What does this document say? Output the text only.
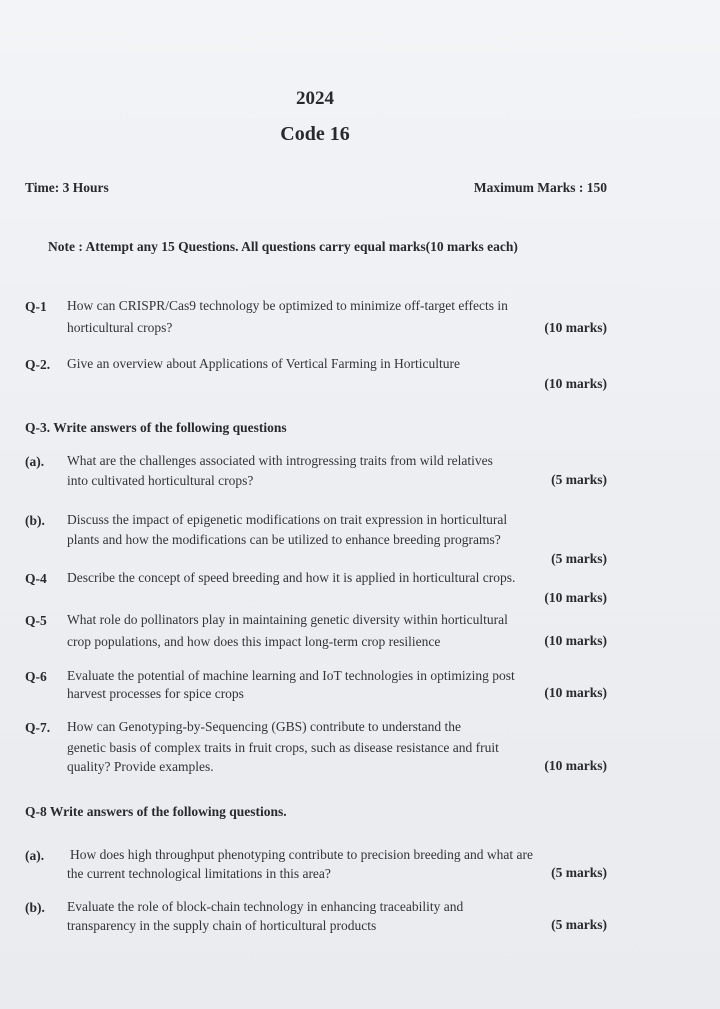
2024
Code 16
Time: 3 Hours	Maximum Marks : 150
Note : Attempt any 15 Questions. All questions carry equal marks(10 marks each)
Q-1 How can CRISPR/Cas9 technology be optimized to minimize off-target effects in
horticultural crops?	(10 marks)
Q-2. Give an overview about Applications of Vertical Farming in Horticulture
(10 marks)
Q-3. Write answers of the following questions
(a). What are the challenges associated with introgressing traits from wild relatives
into cultivated horticultural crops?	(5 marks)
(b). Discuss the impact of epigenetic modifications on trait expression in horticultural
plants and how the modifications can be utilized to enhance breeding programs?
(5 marks)
Q-4 Describe the concept of speed breeding and how it is applied in horticultural crops.
(10 marks)
Q-5 What role do pollinators play in maintaining genetic diversity within horticultural
crop populations, and how does this impact long-term crop resilience	(10 marks)
Q-6 Evaluate the potential of machine learning and IoT technologies in optimizing post
harvest processes for spice crops	(10 marks)
Q-7. How can Genotyping-by-Sequencing (GBS) contribute to understand the
genetic basis of complex traits in fruit crops, such as disease resistance and fruit
quality? Provide examples.	(10 marks)
Q-8 Write answers of the following questions.
(a). How does high throughput phenotyping contribute to precision breeding and what are
the current technological limitations in this area?	(5 marks)
(b). Evaluate the role of block-chain technology in enhancing traceability and
transparency in the supply chain of horticultural products	(5 marks)
